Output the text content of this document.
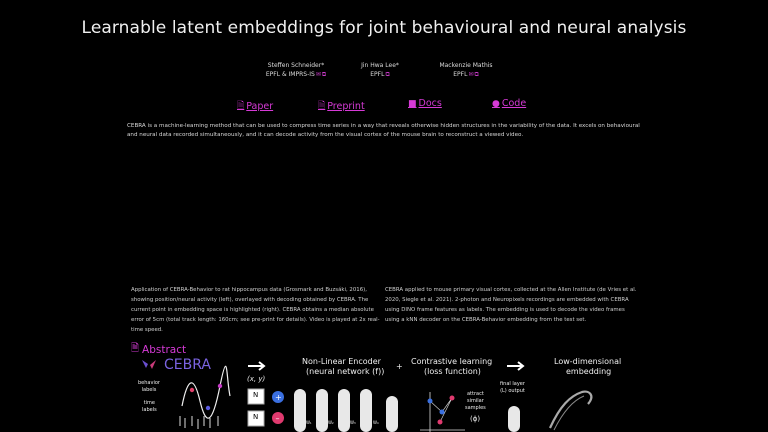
Learnable latent embeddings for joint behavioural and neural analysis
Steffen Schneider*
EPFL & IMPRS-IS✉⧉
Jin Hwa Lee*
EPFL⧉
Mackenzie Mathis
EPFL✉⧉
🗎 Paper	🗎 Preprint	■ Docs	● Code
CEBRA is a machine-learning method that can be used to compress time series in a way that reveals otherwise hidden structures in the variability of the data. It excels on behavioural and neural data recorded simultaneously, and it can decode activity from the visual cortex of the mouse brain to reconstruct a viewed video.
Application of CEBRA-Behavior to rat hippocampus data (Grosmark and Buzsáki, 2016), showing position/neural activity (left), overlayed with decoding obtained by CEBRA. The current point in embedding space is highlighted (right). CEBRA obtains a median absolute error of 5cm (total track length: 160cm; see pre-print for details). Video is played at 2x real-time speed.
CEBRA applied to mouse primary visual cortex, collected at the Allen Institute (de Vries et al. 2020, Siegle et al. 2021). 2-photon and Neuropixels recordings are embedded with CEBRA using DINO frame features as labels. The embedding is used to decode the video frames using a kNN decoder on the CEBRA-Behavior embedding from the test set.
🗎 Abstract
+
–
CEBRA
behavior
labels
time
labels
(x, y)
Non-Linear Encoder
(neural network (f))
+
Contrastive learning
(loss function)
attract
similar
samples
(ϕ)
final layer
(L) output
Low-dimensional
embedding
N
N
W₁	W₂	W₃	W₄
